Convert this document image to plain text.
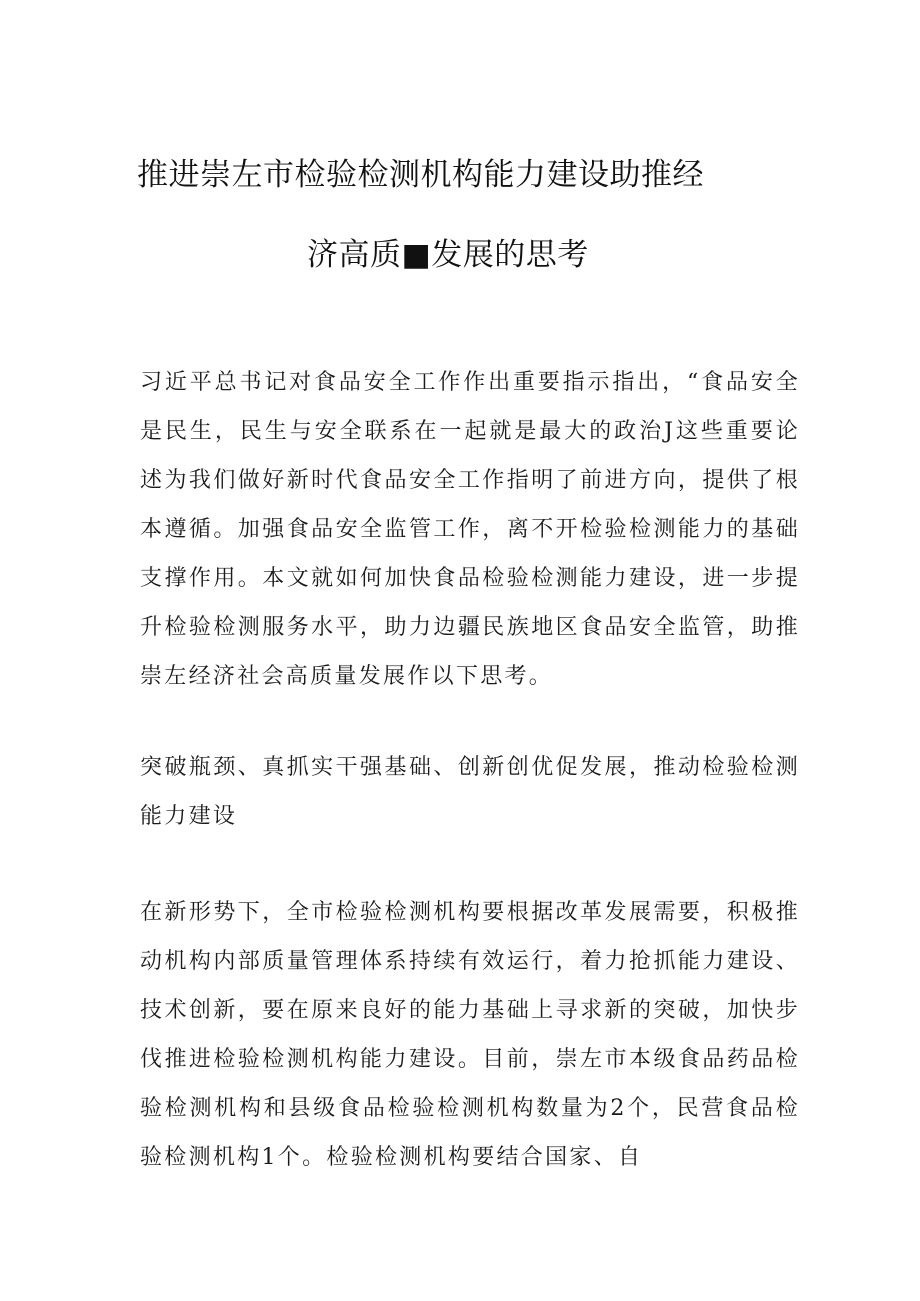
推进崇左市检验检测机构能力建设助推经
济高质■发展的思考
习近平总书记对食品安全工作作出重要指示指出，“食品安全是民生，民生与安全联系在一起就是最大的政治J这些重要论述为我们做好新时代食品安全工作指明了前进方向，提供了根本遵循。加强食品安全监管工作，离不开检验检测能力的基础支撑作用。本文就如何加快食品检验检测能力建设，进一步提升检验检测服务水平，助力边疆民族地区食品安全监管，助推崇左经济社会高质量发展作以下思考。
突破瓶颈、真抓实干强基础、创新创优促发展，推动检验检测能力建设
在新形势下，全市检验检测机构要根据改革发展需要，积极推动机构内部质量管理体系持续有效运行，着力抢抓能力建设、技术创新，要在原来良好的能力基础上寻求新的突破，加快步伐推进检验检测机构能力建设。目前，崇左市本级食品药品检验检测机构和县级食品检验检测机构数量为2个，民营食品检验检测机构1个。检验检测机构要结合国家、自
